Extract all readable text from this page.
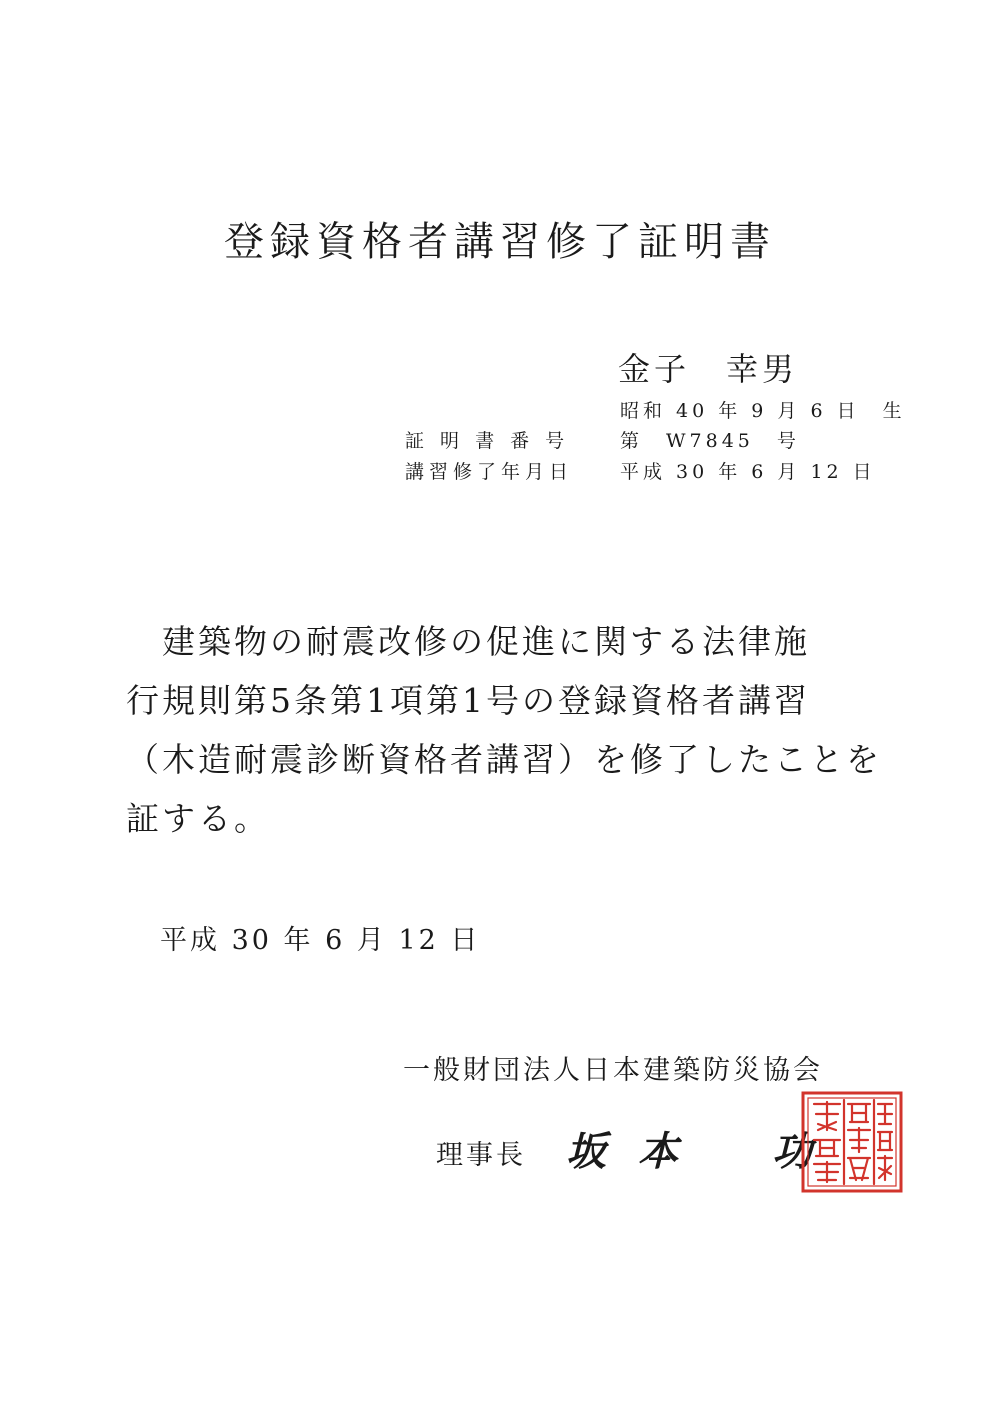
登録資格者講習修了証明書
金子　幸男
昭和 40 年 9 月 6 日　生
証 明 書 番 号	第　W7845　号
講習修了年月日 平成 30 年 6 月 12 日
建築物の耐震改修の促進に関する法律施
行規則第5条第1項第1号の登録資格者講習
（木造耐震診断資格者講習）を修了したことを
証する。
平成 30 年 6 月 12 日
一般財団法人日本建築防災協会
理事長 坂 本 功
